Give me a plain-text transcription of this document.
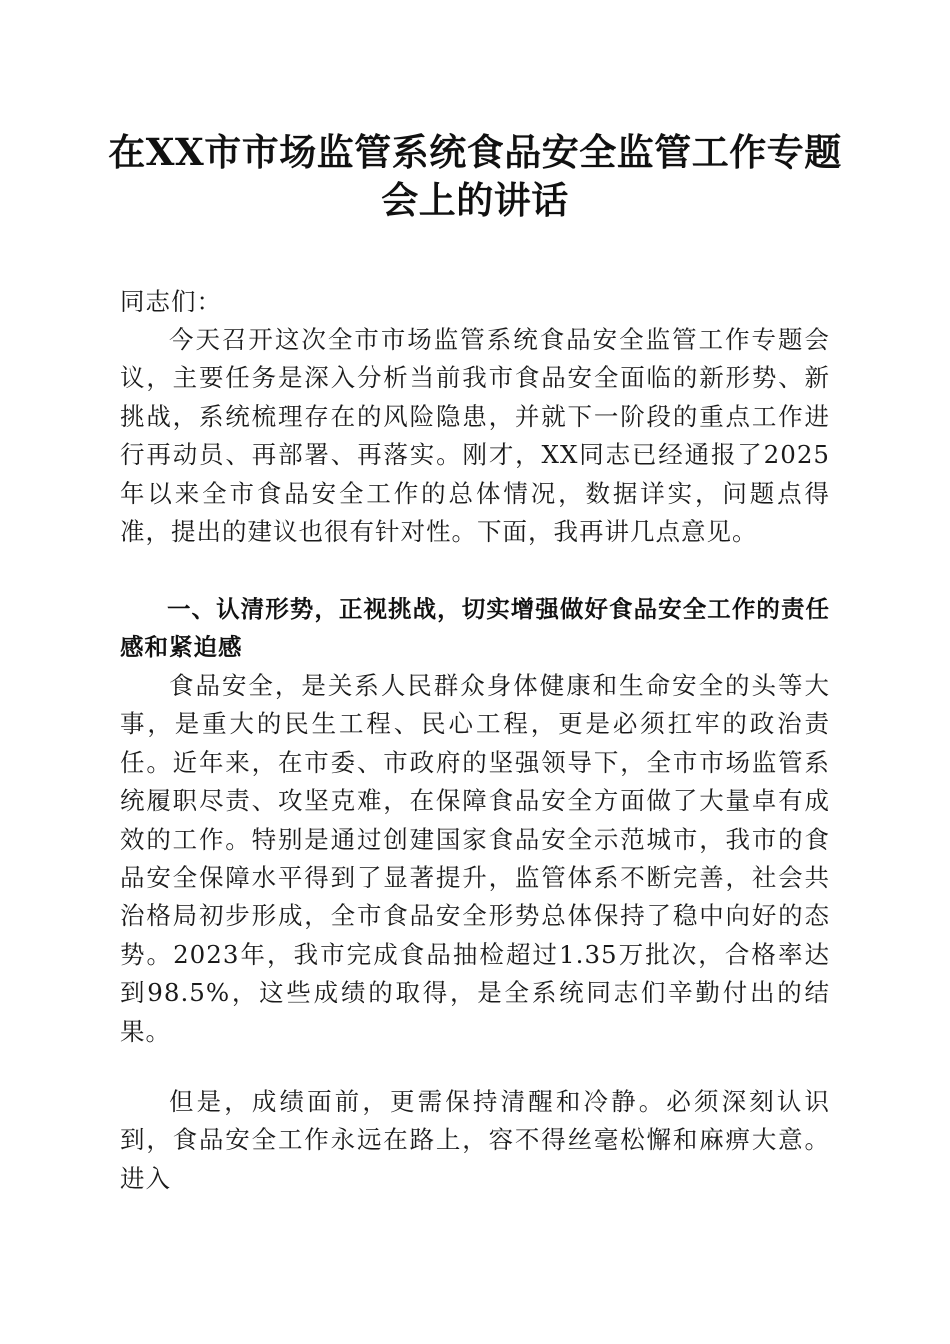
在XX市市场监管系统食品安全监管工作专题
会上的讲话
同志们：

今天召开这次全市市场监管系统食品安全监管工作专题会议，主要任务是深入分析当前我市食品安全面临的新形势、新挑战，系统梳理存在的风险隐患，并就下一阶段的重点工作进行再动员、再部署、再落实。刚才，XX同志已经通报了2025年以来全市食品安全工作的总体情况，数据详实，问题点得准，提出的建议也很有针对性。下面，我再讲几点意见。

一、认清形势，正视挑战，切实增强做好食品安全工作的责任感和紧迫感

食品安全，是关系人民群众身体健康和生命安全的头等大事，是重大的民生工程、民心工程，更是必须扛牢的政治责任。近年来，在市委、市政府的坚强领导下，全市市场监管系统履职尽责、攻坚克难，在保障食品安全方面做了大量卓有成效的工作。特别是通过创建国家食品安全示范城市，我市的食品安全保障水平得到了显著提升，监管体系不断完善，社会共治格局初步形成，全市食品安全形势总体保持了稳中向好的态势。2023年，我市完成食品抽检超过1.35万批次，合格率达到98.5%，这些成绩的取得，是全系统同志们辛勤付出的结果。

但是，成绩面前，更需保持清醒和冷静。必须深刻认识到，食品安全工作永远在路上，容不得丝毫松懈和麻痹大意。进入
